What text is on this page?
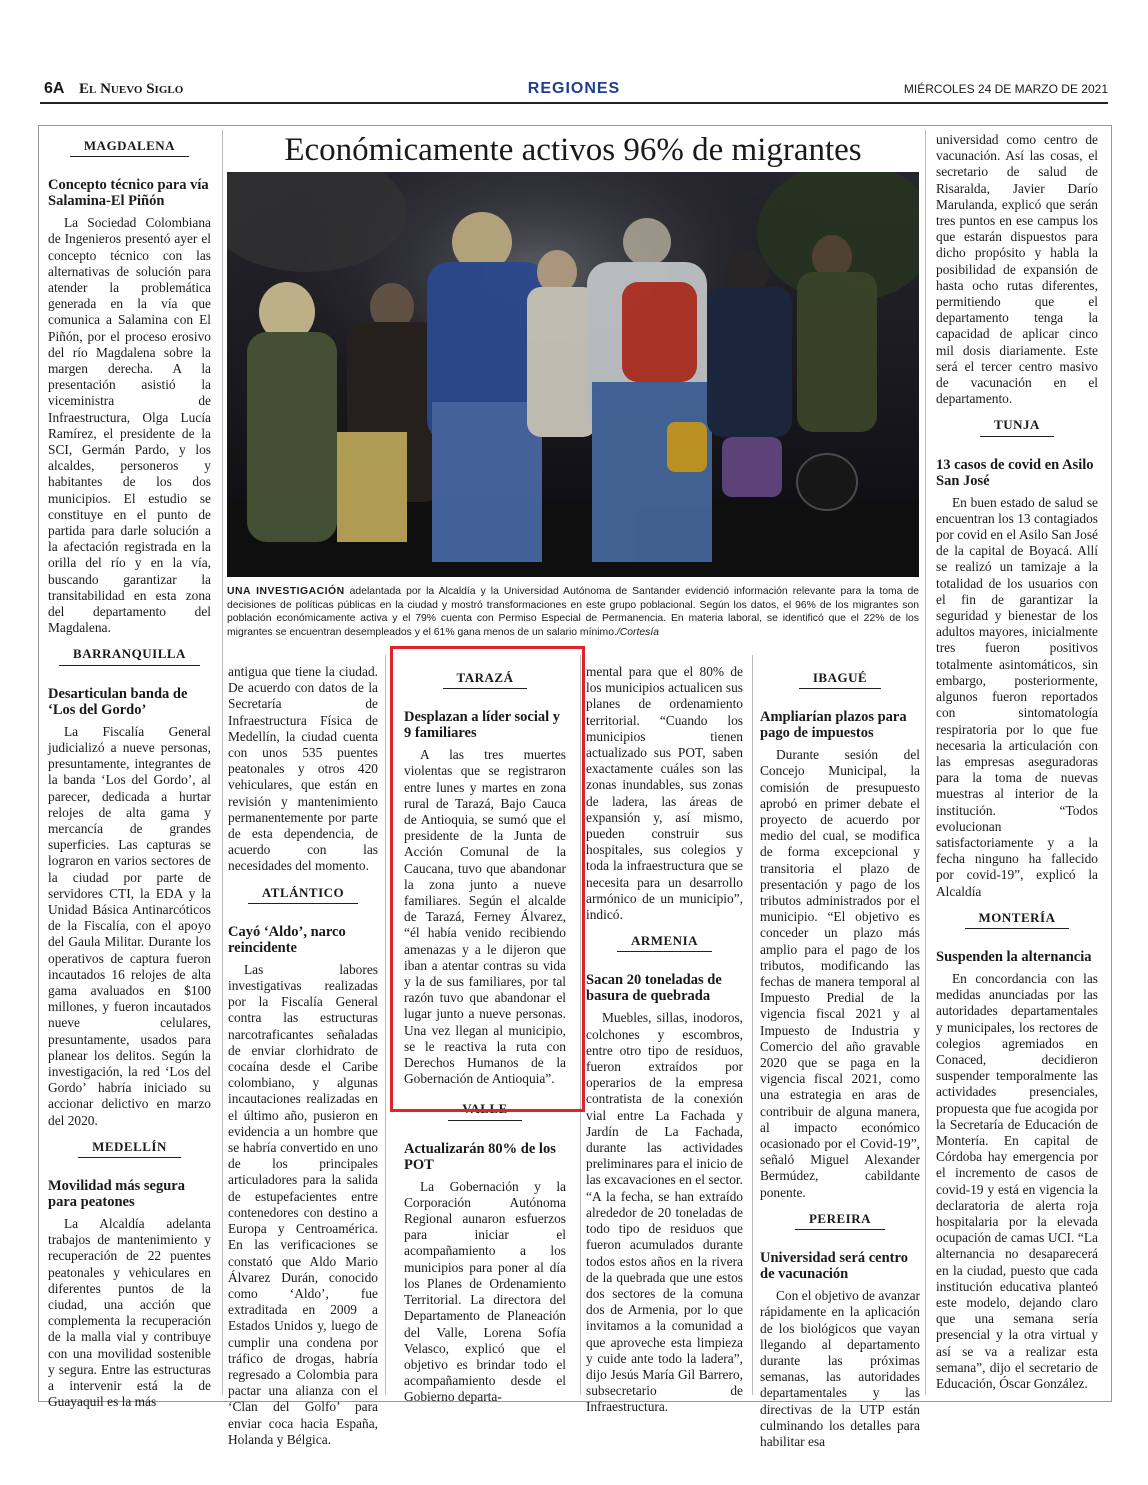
6A El Nuevo Siglo	REGIONES	MIÉRCOLES 24 DE MARZO DE 2021
Económicamente activos 96% de migrantes
UNA INVESTIGACIÓN adelantada por la Alcaldía y la Universidad Autónoma de Santander evidenció información relevante para la toma de decisiones de políticas públicas en la ciudad y mostró transformaciones en este grupo poblacional. Según los datos, el 96% de los migrantes son población económicamente activa y el 79% cuenta con Permiso Especial de Permanencia. En materia laboral, se identificó que el 22% de los migrantes se encuentran desempleados y el 61% gana menos de un salario mínimo./Cortesía
MAGDALENA
Concepto técnico para vía Salamina-El Piñón

La Sociedad Colombiana de Ingenieros presentó ayer el concepto técnico con las alternativas de solución para atender la problemática generada en la vía que comunica a Salamina con El Piñón, por el proceso erosivo del río Magdalena sobre la margen derecha. A la presentación asistió la viceministra de Infraestructura, Olga Lucía Ramírez, el presidente de la SCI, Germán Pardo, y los alcaldes, personeros y habitantes de los dos municipios. El estudio se constituye en el punto de partida para darle solución a la afectación registrada en la orilla del río y en la vía, buscando garantizar la transitabilidad en esta zona del departamento del Magdalena.

BARRANQUILLA
Desarticulan banda de ‘Los del Gordo’

La Fiscalía General judicializó a nueve personas, presuntamente, integrantes de la banda ‘Los del Gordo’, al parecer, dedicada a hurtar relojes de alta gama y mercancía de grandes superficies. Las capturas se lograron en varios sectores de la ciudad por parte de servidores CTI, la EDA y la Unidad Básica Antinarcóticos de la Fiscalía, con el apoyo del Gaula Militar. Durante los operativos de captura fueron incautados 16 relojes de alta gama avaluados en $100 millones, y fueron incautados nueve celulares, presuntamente, usados para planear los delitos. Según la investigación, la red ‘Los del Gordo’ habría iniciado su accionar delictivo en marzo del 2020.

MEDELLÍN
Movilidad más segura para peatones

La Alcaldía adelanta trabajos de mantenimiento y recuperación de 22 puentes peatonales y vehiculares en diferentes puntos de la ciudad, una acción que complementa la recuperación de la malla vial y contribuye con una movilidad sostenible y segura. Entre las estructuras a intervenir está la de Guayaquil es la más

antigua que tiene la ciudad. De acuerdo con datos de la Secretaría de Infraestructura Física de Medellín, la ciudad cuenta con unos 535 puentes peatonales y otros 420 vehiculares, que están en revisión y mantenimiento permanentemente por parte de esta dependencia, de acuerdo con las necesidades del momento.

ATLÁNTICO
Cayó ‘Aldo’, narco reincidente

Las labores investigativas realizadas por la Fiscalía General contra las estructuras narcotraficantes señaladas de enviar clorhidrato de cocaína desde el Caribe colombiano, y algunas incautaciones realizadas en el último año, pusieron en evidencia a un hombre que se habría convertido en uno de los principales articuladores para la salida de estupefacientes entre contenedores con destino a Europa y Centroamérica. En las verificaciones se constató que Aldo Mario Álvarez Durán, conocido como ‘Aldo’, fue extraditada en 2009 a Estados Unidos y, luego de cumplir una condena por tráfico de drogas, habría regresado a Colombia para pactar una alianza con el ‘Clan del Golfo’ para enviar coca hacia España, Holanda y Bélgica.

TARAZÁ
Desplazan a líder social y 9 familiares

A las tres muertes violentas que se registraron entre lunes y martes en zona rural de Tarazá, Bajo Cauca de Antioquia, se sumó que el presidente de la Junta de Acción Comunal de la Caucana, tuvo que abandonar la zona junto a nueve familiares. Según el alcalde de Tarazá, Ferney Álvarez, “él había venido recibiendo amenazas y a le dijeron que iban a atentar contras su vida y la de sus familiares, por tal razón tuvo que abandonar el lugar junto a nueve personas. Una vez llegan al municipio, se le reactiva la ruta con Derechos Humanos de la Gobernación de Antioquia”.

VALLE
Actualizarán 80% de los POT

La Gobernación y la Corporación Autónoma Regional aunaron esfuerzos para iniciar el acompañamiento a los municipios para poner al día los Planes de Ordenamiento Territorial. La directora del Departamento de Planeación del Valle, Lorena Sofía Velasco, explicó que el objetivo es brindar todo el acompañamiento desde el Gobierno departa-

mental para que el 80% de los municipios actualicen sus planes de ordenamiento territorial. “Cuando los municipios tienen actualizado sus POT, saben exactamente cuáles son las zonas inundables, sus zonas de ladera, las áreas de expansión y, así mismo, pueden construir sus hospitales, sus colegios y toda la infraestructura que se necesita para un desarrollo armónico de un municipio”, indicó.

ARMENIA
Sacan 20 toneladas de basura de quebrada

Muebles, sillas, inodoros, colchones y escombros, entre otro tipo de residuos, fueron extraídos por operarios de la empresa contratista de la conexión vial entre La Fachada y Jardín de La Fachada, durante las actividades preliminares para el inicio de las excavaciones en el sector. “A la fecha, se han extraído alrededor de 20 toneladas de todo tipo de residuos que fueron acumulados durante todos estos años en la rivera de la quebrada que une estos dos sectores de la comuna dos de Armenia, por lo que invitamos a la comunidad a que aproveche esta limpieza y cuide ante todo la ladera”, dijo Jesús María Gil Barrero, subsecretario de Infraestructura.

IBAGUÉ
Ampliarían plazos para pago de impuestos

Durante sesión del Concejo Municipal, la comisión de presupuesto aprobó en primer debate el proyecto de acuerdo por medio del cual, se modifica de forma excepcional y transitoria el plazo de presentación y pago de los tributos administrados por el municipio. “El objetivo es conceder un plazo más amplio para el pago de los tributos, modificando las fechas de manera temporal al Impuesto Predial de la vigencia fiscal 2021 y al Impuesto de Industria y Comercio del año gravable 2020 que se paga en la vigencia fiscal 2021, como una estrategia en aras de contribuir de alguna manera, al impacto económico ocasionado por el Covid-19”, señaló Miguel Alexander Bermúdez, cabildante ponente.

PEREIRA
Universidad será centro de vacunación

Con el objetivo de avanzar rápidamente en la aplicación de los biológicos que vayan llegando al departamento durante las próximas semanas, las autoridades departamentales y las directivas de la UTP están culminando los detalles para habilitar esa

universidad como centro de vacunación. Así las cosas, el secretario de salud de Risaralda, Javier Darío Marulanda, explicó que serán tres puntos en ese campus los que estarán dispuestos para dicho propósito y habla la posibilidad de expansión de hasta ocho rutas diferentes, permitiendo que el departamento tenga la capacidad de aplicar cinco mil dosis diariamente. Este será el tercer centro masivo de vacunación en el departamento.

TUNJA
13 casos de covid en Asilo San José

En buen estado de salud se encuentran los 13 contagiados por covid en el Asilo San José de la capital de Boyacá. Allí se realizó un tamizaje a la totalidad de los usuarios con el fin de garantizar la seguridad y bienestar de los adultos mayores, inicialmente tres fueron positivos totalmente asintomáticos, sin embargo, posteriormente, algunos fueron reportados con sintomatología respiratoria por lo que fue necesaria la articulación con las empresas aseguradoras para la toma de nuevas muestras al interior de la institución. “Todos evolucionan satisfactoriamente y a la fecha ninguno ha fallecido por covid-19”, explicó la Alcaldía

MONTERÍA
Suspenden la alternancia

En concordancia con las medidas anunciadas por las autoridades departamentales y municipales, los rectores de colegios agremiados en Conaced, decidieron suspender temporalmente las actividades presenciales, propuesta que fue acogida por la Secretaría de Educación de Montería. En capital de Córdoba hay emergencia por el incremento de casos de covid-19 y está en vigencia la declaratoria de alerta roja hospitalaria por la elevada ocupación de camas UCI. “La alternancia no desaparecerá en la ciudad, puesto que cada institución educativa planteó este modelo, dejando claro que una semana sería presencial y la otra virtual y así se va a realizar esta semana”, dijo el secretario de Educación, Óscar González.
